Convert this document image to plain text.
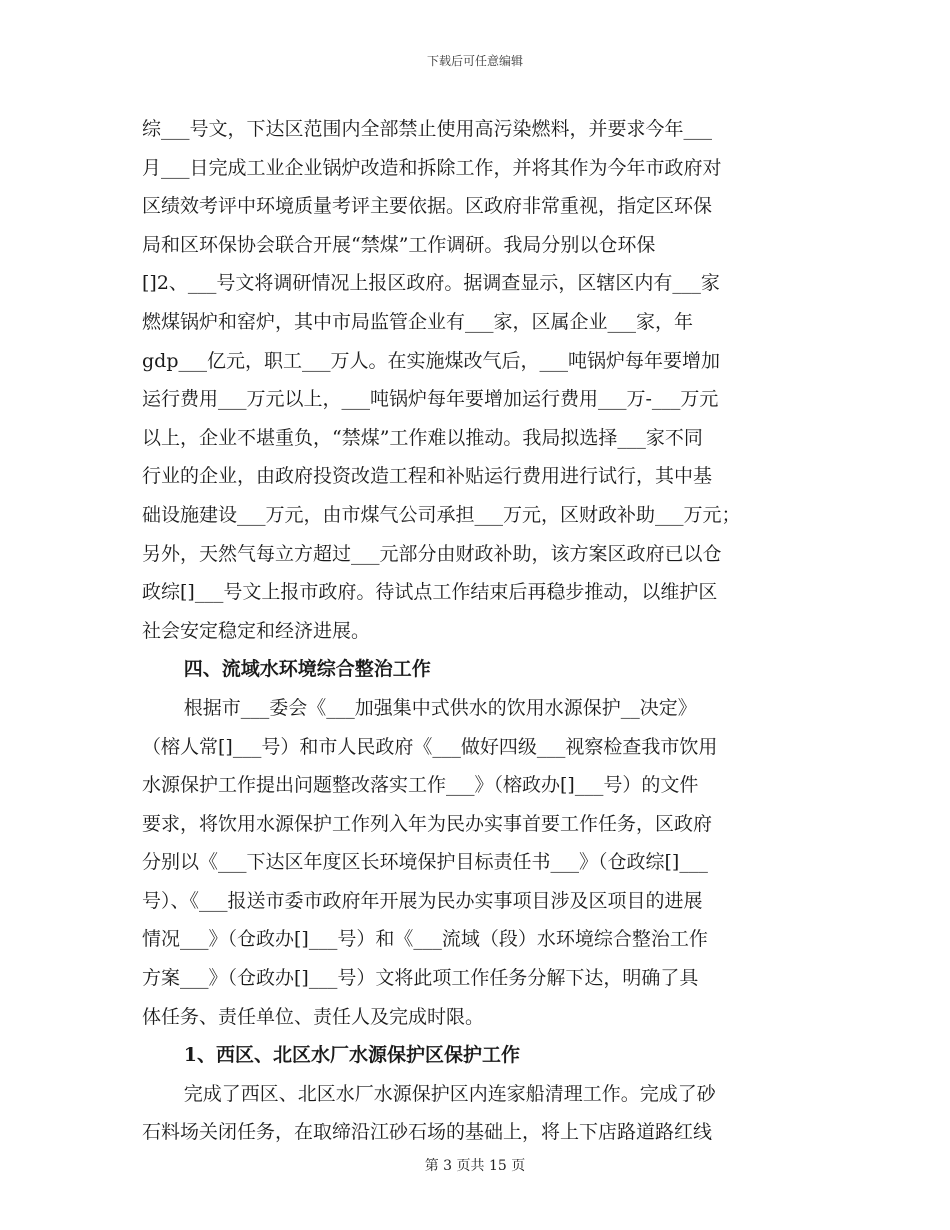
下载后可任意编辑
综___号文，下达区范围内全部禁止使用高污染燃料，并要求今年___
月___日完成工业企业锅炉改造和拆除工作，并将其作为今年市政府对
区绩效考评中环境质量考评主要依据。区政府非常重视，指定区环保
局和区环保协会联合开展“禁煤”工作调研。我局分别以仓环保
[]2、___号文将调研情况上报区政府。据调查显示，区辖区内有___家
燃煤锅炉和窑炉，其中市局监管企业有___家，区属企业___家，年
gdp___亿元，职工___万人。在实施煤改气后，___吨锅炉每年要增加
运行费用___万元以上，___吨锅炉每年要增加运行费用___万-___万元
以上，企业不堪重负，“禁煤”工作难以推动。我局拟选择___家不同
行业的企业，由政府投资改造工程和补贴运行费用进行试行，其中基
础设施建设___万元，由市煤气公司承担___万元，区财政补助___万元；
另外，天然气每立方超过___元部分由财政补助，该方案区政府已以仓
政综[]___号文上报市政府。待试点工作结束后再稳步推动，以维护区
社会安定稳定和经济进展。
四、流域水环境综合整治工作
根据市___委会《___加强集中式供水的饮用水源保护__决定》
（榕人常[]___号）和市人民政府《___做好四级___视察检查我市饮用
水源保护工作提出问题整改落实工作___》（榕政办[]___号）的文件
要求，将饮用水源保护工作列入年为民办实事首要工作任务，区政府
分别以《___下达区年度区长环境保护目标责任书___》（仓政综[]___
号）、《___报送市委市政府年开展为民办实事项目涉及区项目的进展
情况___》（仓政办[]___号）和《___流域（段）水环境综合整治工作
方案___》（仓政办[]___号）文将此项工作任务分解下达，明确了具
体任务、责任单位、责任人及完成时限。
1、西区、北区水厂水源保护区保护工作
完成了西区、北区水厂水源保护区内连家船清理工作。完成了砂
石料场关闭任务，在取缔沿江砂石场的基础上，将上下店路道路红线
第 3 页共 15 页
